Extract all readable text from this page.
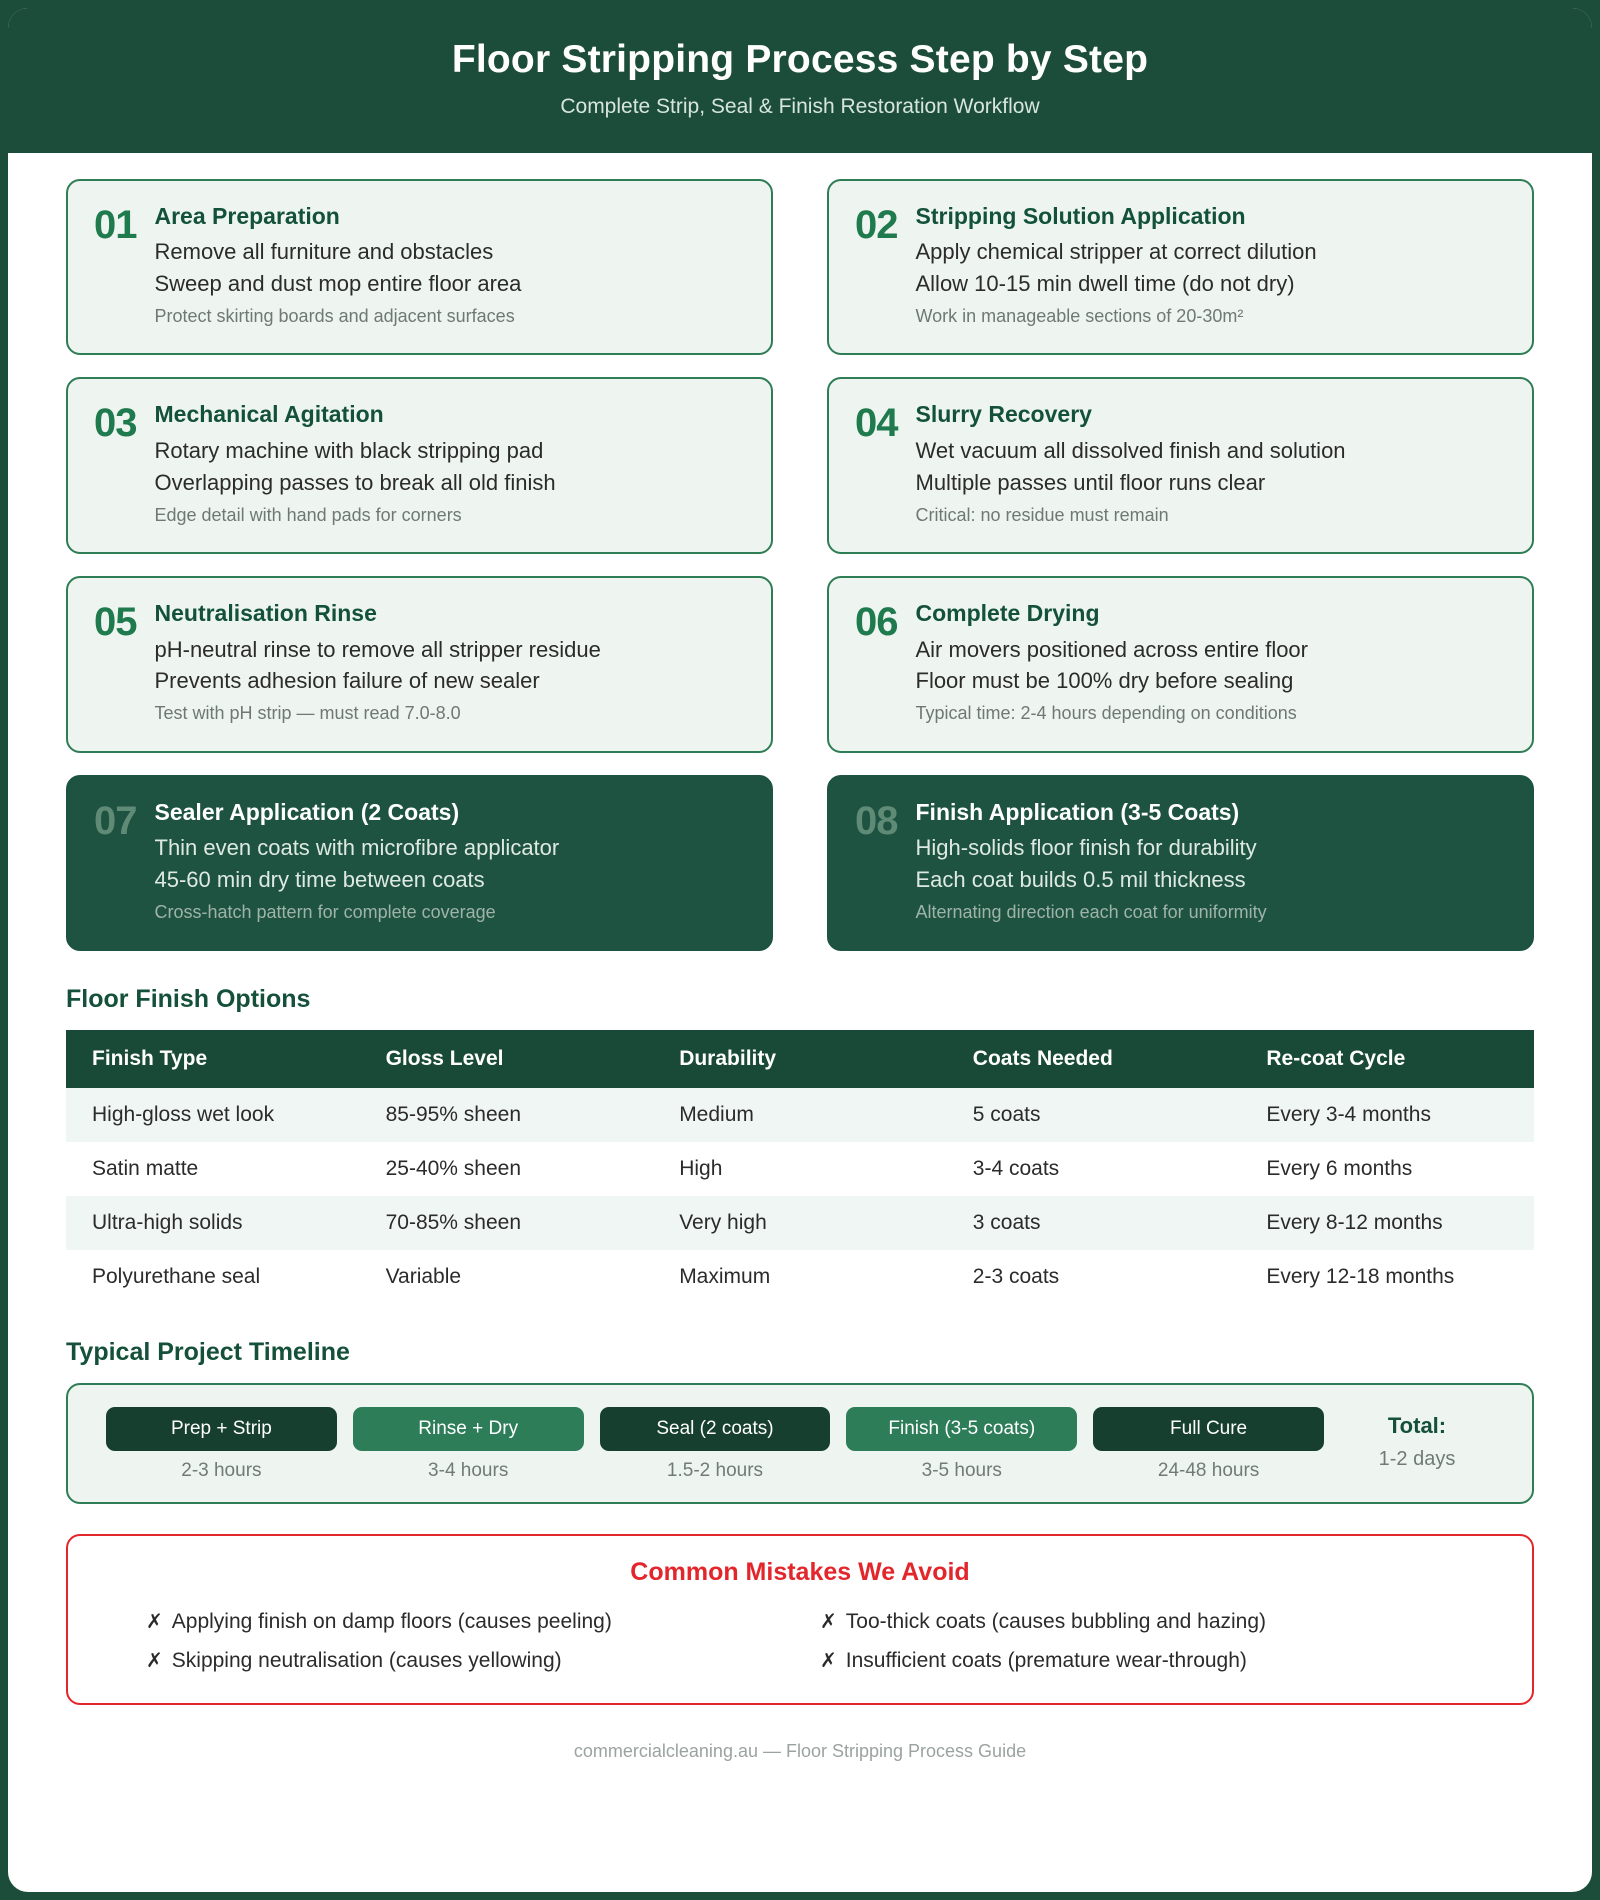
Floor Stripping Process Step by Step
Complete Strip, Seal & Finish Restoration Workflow
01 Area Preparation
Remove all furniture and obstacles
Sweep and dust mop entire floor area
Protect skirting boards and adjacent surfaces
02 Stripping Solution Application
Apply chemical stripper at correct dilution
Allow 10-15 min dwell time (do not dry)
Work in manageable sections of 20-30m²
03 Mechanical Agitation
Rotary machine with black stripping pad
Overlapping passes to break all old finish
Edge detail with hand pads for corners
04 Slurry Recovery
Wet vacuum all dissolved finish and solution
Multiple passes until floor runs clear
Critical: no residue must remain
05 Neutralisation Rinse
pH-neutral rinse to remove all stripper residue
Prevents adhesion failure of new sealer
Test with pH strip — must read 7.0-8.0
06 Complete Drying
Air movers positioned across entire floor
Floor must be 100% dry before sealing
Typical time: 2-4 hours depending on conditions
07 Sealer Application (2 Coats)
Thin even coats with microfibre applicator
45-60 min dry time between coats
Cross-hatch pattern for complete coverage
08 Finish Application (3-5 Coats)
High-solids floor finish for durability
Each coat builds 0.5 mil thickness
Alternating direction each coat for uniformity
Floor Finish Options
Finish Type	Gloss Level	Durability	Coats Needed	Re-coat Cycle
High-gloss wet look	85-95% sheen	Medium	5 coats	Every 3-4 months
Satin matte	25-40% sheen	High	3-4 coats	Every 6 months
Ultra-high solids	70-85% sheen	Very high	3 coats	Every 8-12 months
Polyurethane seal	Variable	Maximum	2-3 coats	Every 12-18 months
Typical Project Timeline
Prep + Strip
2-3 hours
Rinse + Dry
3-4 hours
Seal (2 coats)
1.5-2 hours
Finish (3-5 coats)
3-5 hours
Full Cure
24-48 hours
Total:
1-2 days
Common Mistakes We Avoid
✗ Applying finish on damp floors (causes peeling)	✗ Too-thick coats (causes bubbling and hazing)
✗ Skipping neutralisation (causes yellowing)	✗ Insufficient coats (premature wear-through)
commercialcleaning.au — Floor Stripping Process Guide
